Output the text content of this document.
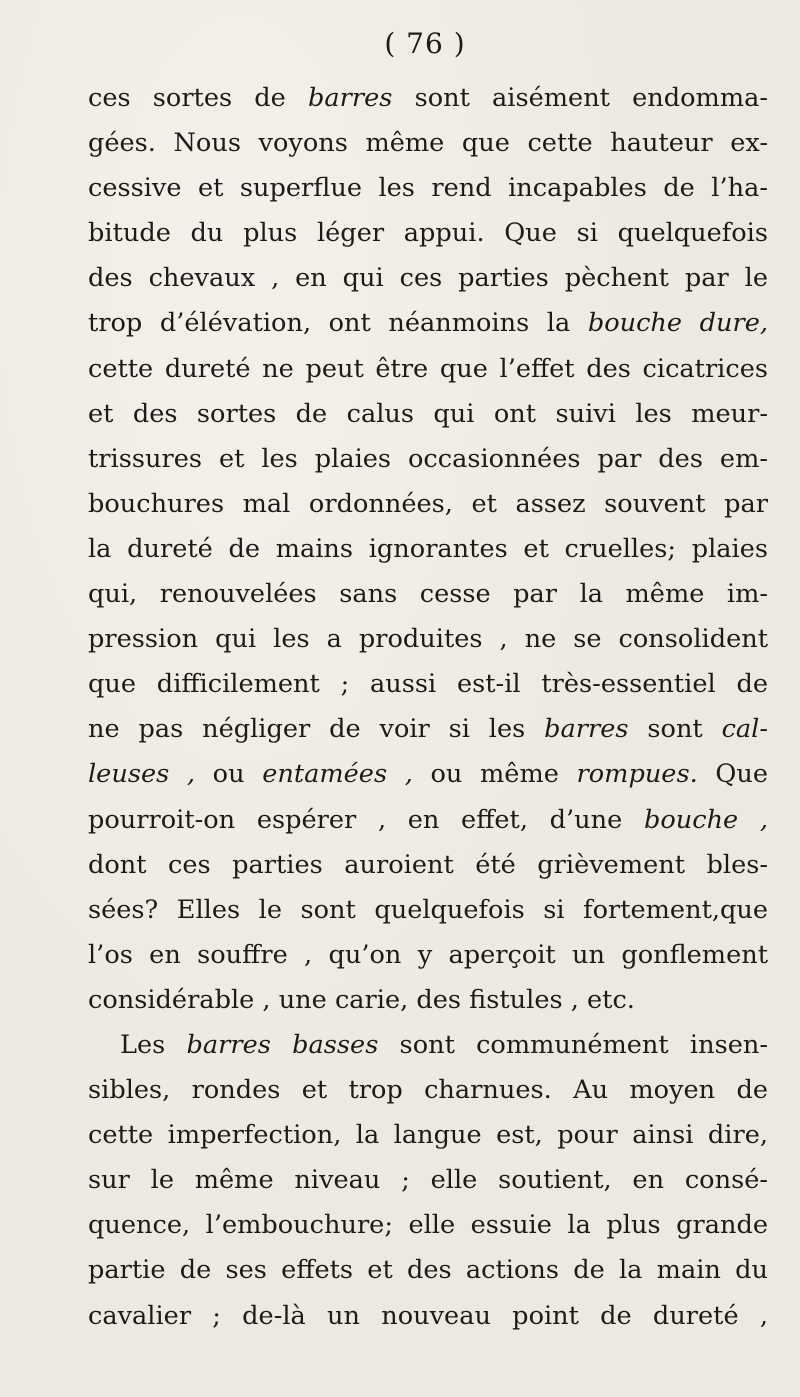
( 76 )
ces sortes de barres sont aisément endomma-
gées. Nous voyons même que cette hauteur ex-
cessive et superflue les rend incapables de l’ha-
bitude du plus léger appui. Que si quelquefois
des chevaux , en qui ces parties pèchent par le
trop d’élévation, ont néanmoins la bouche dure,
cette dureté ne peut être que l’effet des cicatrices
et des sortes de calus qui ont suivi les meur-
trissures et les plaies occasionnées par des em-
bouchures mal ordonnées, et assez souvent par
la dureté de mains ignorantes et cruelles; plaies
qui, renouvelées sans cesse par la même im-
pression qui les a produites , ne se consolident
que difficilement ; aussi est-il très-essentiel de
ne pas négliger de voir si les barres sont cal-
leuses , ou entamées , ou même rompues. Que
pourroit-on espérer , en effet, d’une bouche ,
dont ces parties auroient été grièvement bles-
sées? Elles le sont quelquefois si fortement,que
l’os en souffre , qu’on y aperçoit un gonflement
considérable , une carie, des fistules , etc.
Les barres basses sont communément insen-
sibles, rondes et trop charnues. Au moyen de
cette imperfection, la langue est, pour ainsi dire,
sur le même niveau ; elle soutient, en consé-
quence, l’embouchure; elle essuie la plus grande
partie de ses effets et des actions de la main du
cavalier ; de-là un nouveau point de dureté ,
